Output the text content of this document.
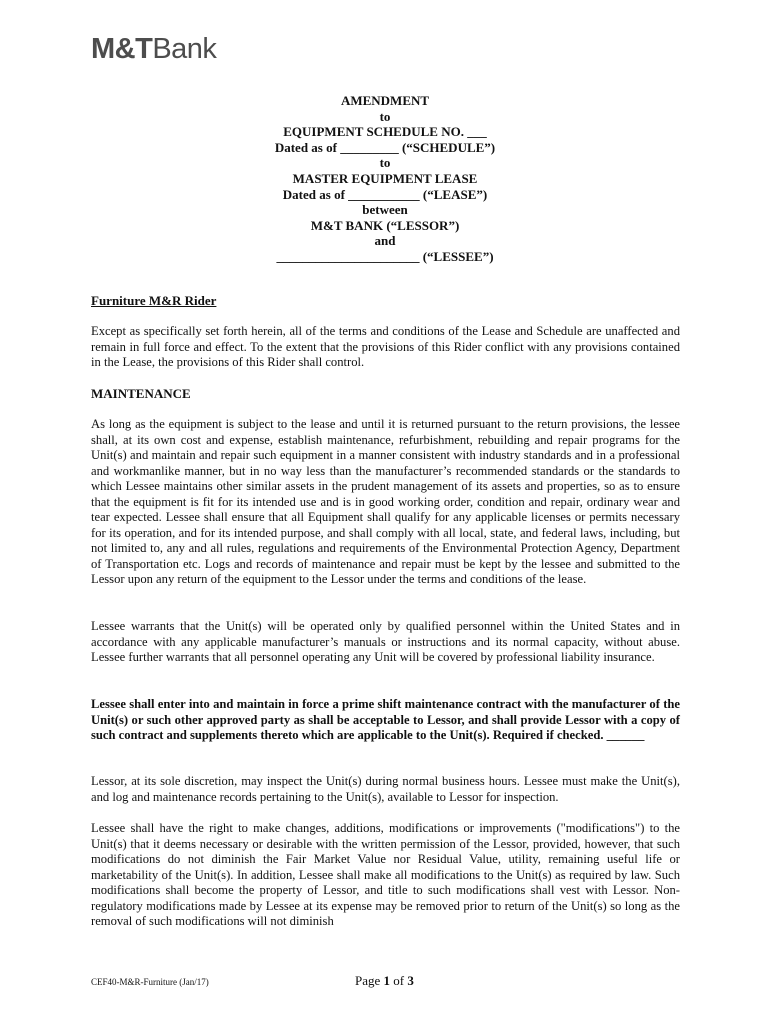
M&TBank
AMENDMENT
to
EQUIPMENT SCHEDULE NO. ___
Dated as of _________ (“SCHEDULE”)
to
MASTER EQUIPMENT LEASE
Dated as of ___________ (“LEASE”)
between
M&T BANK (“LESSOR”)
and
______________________ (“LESSEE”)
Furniture M&R Rider
Except as specifically set forth herein, all of the terms and conditions of the Lease and Schedule are unaffected and remain in full force and effect. To the extent that the provisions of this Rider conflict with any provisions contained in the Lease, the provisions of this Rider shall control.
MAINTENANCE
As long as the equipment is subject to the lease and until it is returned pursuant to the return provisions, the lessee shall, at its own cost and expense, establish maintenance, refurbishment, rebuilding and repair programs for the Unit(s) and maintain and repair such equipment in a manner consistent with industry standards and in a professional and workmanlike manner, but in no way less than the manufacturer’s recommended standards or the standards to which Lessee maintains other similar assets in the prudent management of its assets and properties, so as to ensure that the equipment is fit for its intended use and is in good working order, condition and repair, ordinary wear and tear expected. Lessee shall ensure that all Equipment shall qualify for any applicable licenses or permits necessary for its operation, and for its intended purpose, and shall comply with all local, state, and federal laws, including, but not limited to, any and all rules, regulations and requirements of the Environmental Protection Agency, Department of Transportation etc. Logs and records of maintenance and repair must be kept by the lessee and submitted to the Lessor upon any return of the equipment to the Lessor under the terms and conditions of the lease.
Lessee warrants that the Unit(s) will be operated only by qualified personnel within the United States and in accordance with any applicable manufacturer’s manuals or instructions and its normal capacity, without abuse. Lessee further warrants that all personnel operating any Unit will be covered by professional liability insurance.
Lessee shall enter into and maintain in force a prime shift maintenance contract with the manufacturer of the Unit(s) or such other approved party as shall be acceptable to Lessor, and shall provide Lessor with a copy of such contract and supplements thereto which are applicable to the Unit(s). Required if checked. ______
Lessor, at its sole discretion, may inspect the Unit(s) during normal business hours. Lessee must make the Unit(s), and log and maintenance records pertaining to the Unit(s), available to Lessor for inspection.
Lessee shall have the right to make changes, additions, modifications or improvements ("modifications") to the Unit(s) that it deems necessary or desirable with the written permission of the Lessor, provided, however, that such modifications do not diminish the Fair Market Value nor Residual Value, utility, remaining useful life or marketability of the Unit(s). In addition, Lessee shall make all modifications to the Unit(s) as required by law. Such modifications shall become the property of Lessor, and title to such modifications shall vest with Lessor. Non-regulatory modifications made by Lessee at its expense may be removed prior to return of the Unit(s) so long as the removal of such modifications will not diminish
CEF40-M&R-Furniture (Jan/17)	Page 1 of 3
